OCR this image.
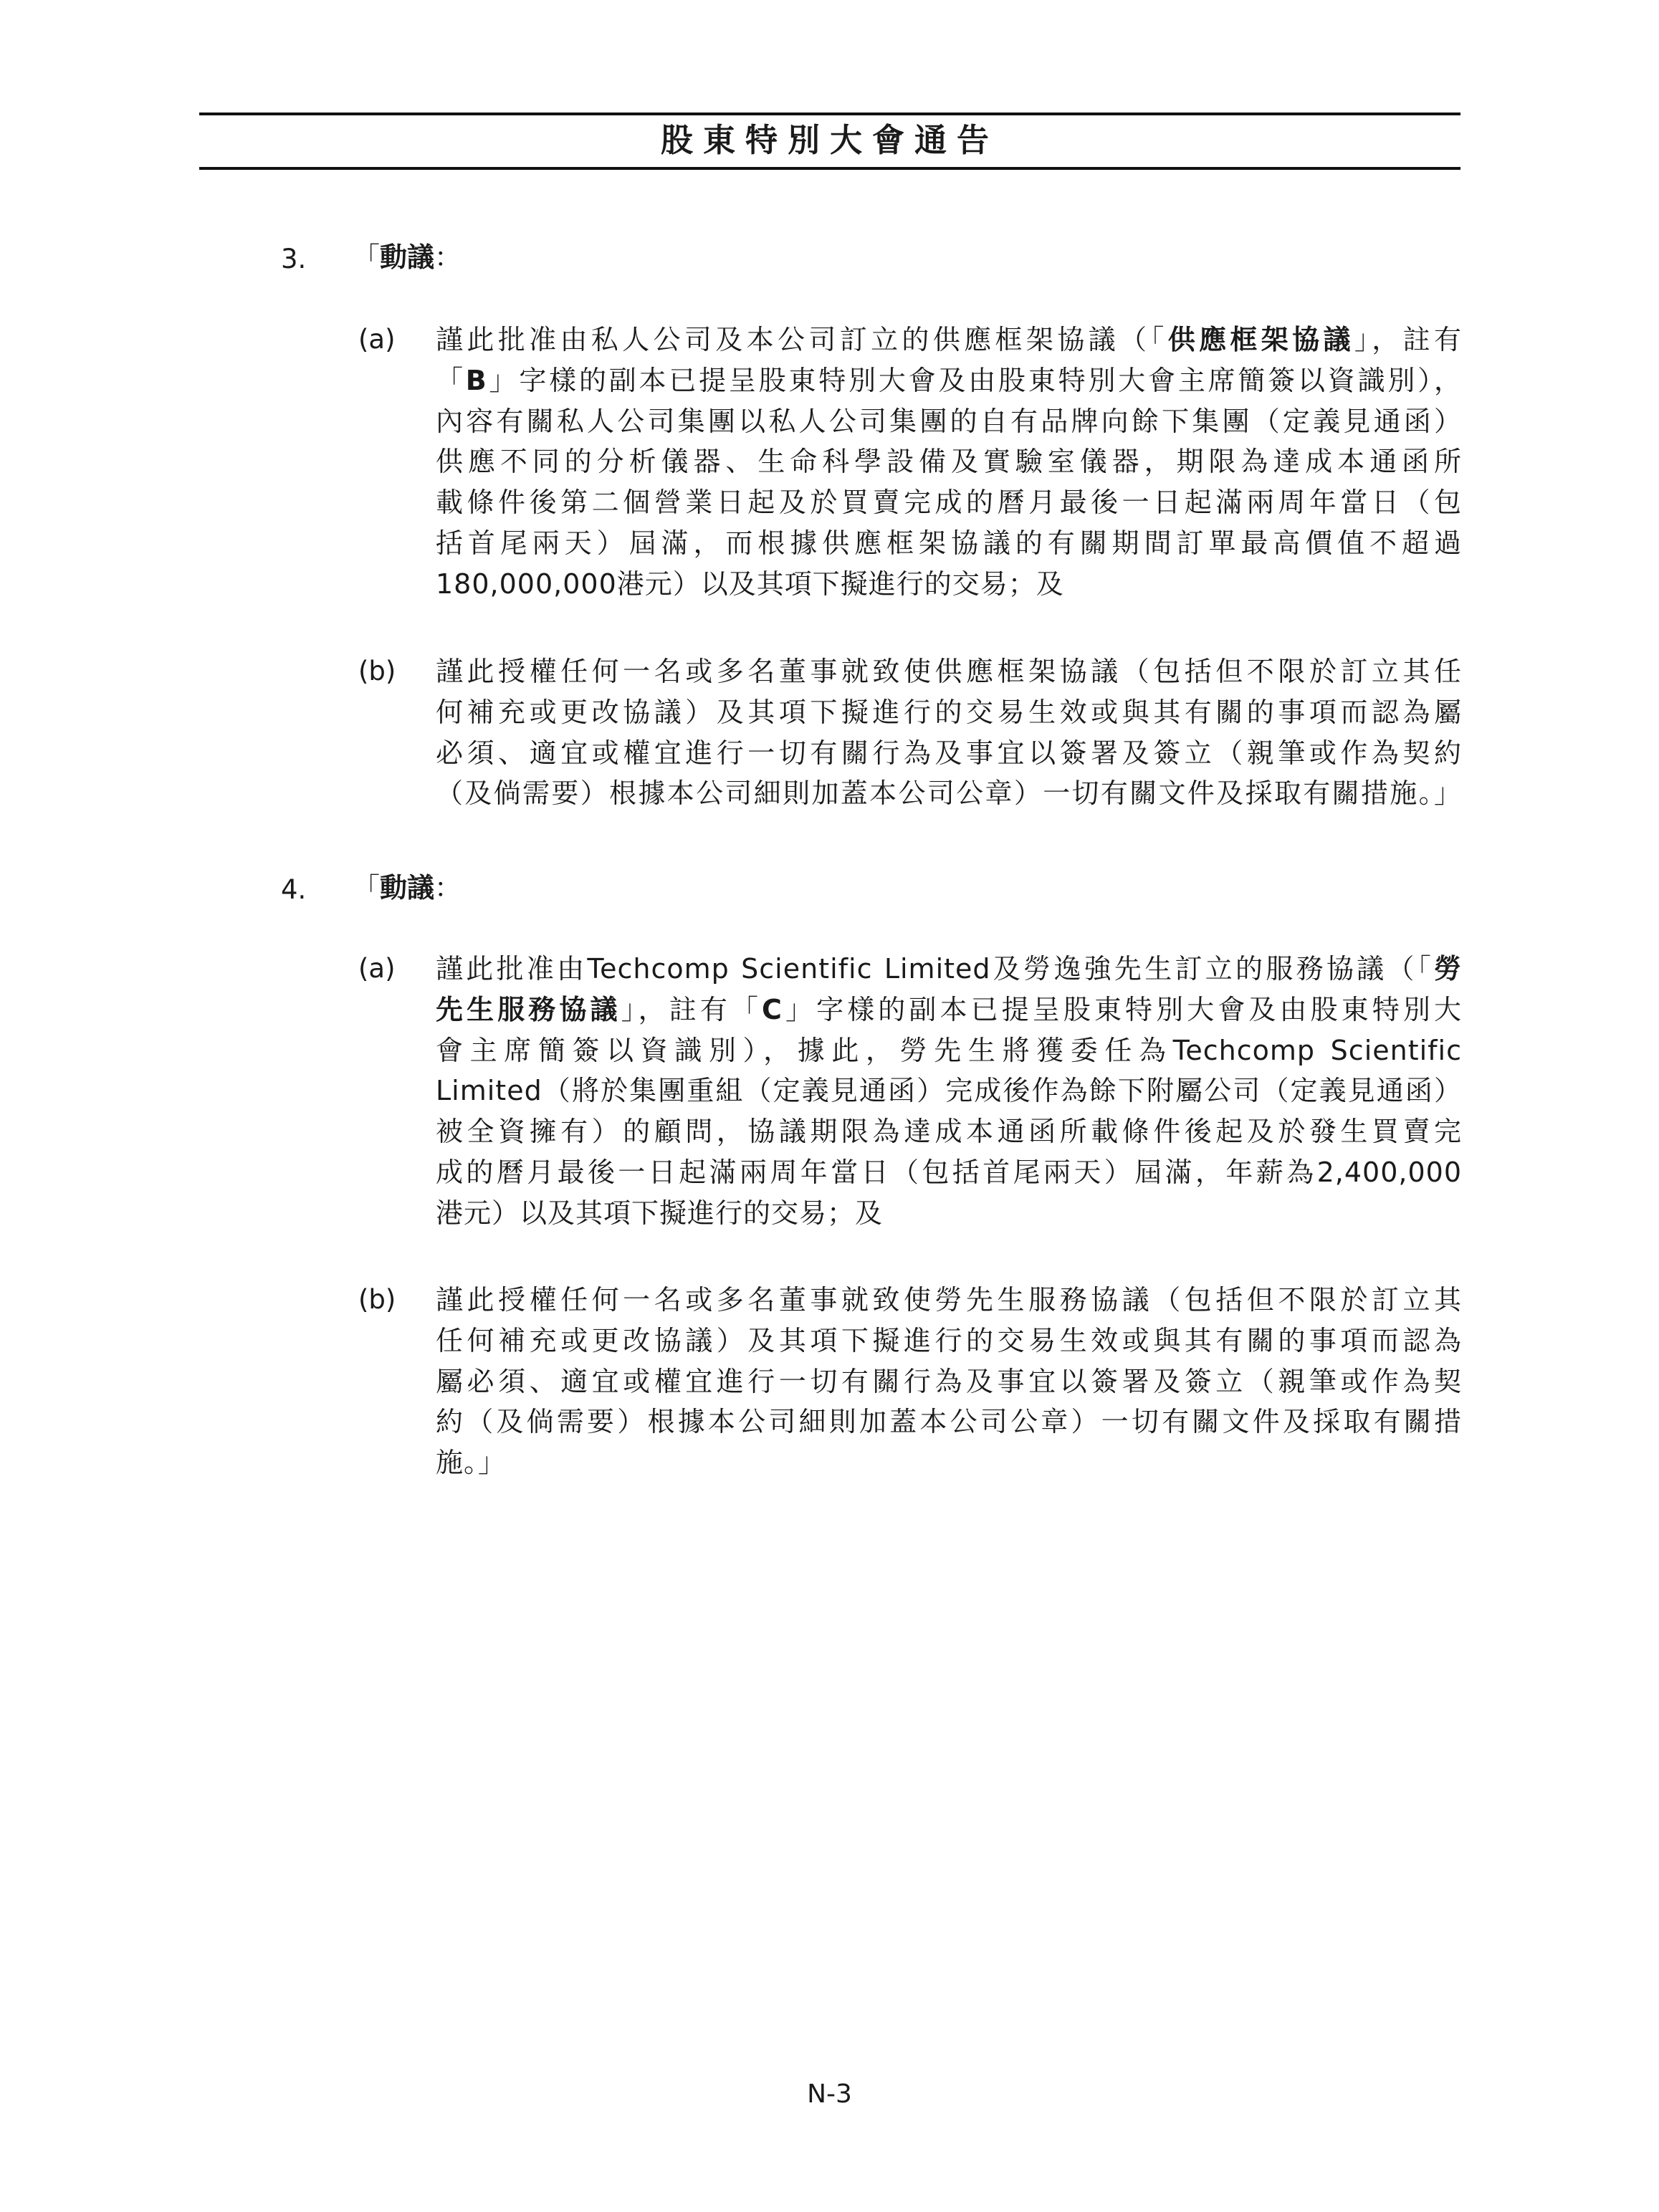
股東特別大會通告
3. 「動議：
(a) 謹此批准由私人公司及本公司訂立的供應框架協議（「供應框架協議」，註有
「B」字樣的副本已提呈股東特別大會及由股東特別大會主席簡簽以資識別），
內容有關私人公司集團以私人公司集團的自有品牌向餘下集團（定義見通函）
供應不同的分析儀器、生命科學設備及實驗室儀器，期限為達成本通函所
載條件後第二個營業日起及於買賣完成的曆月最後一日起滿兩周年當日（包
括首尾兩天）屆滿，而根據供應框架協議的有關期間訂單最高價值不超過
180,000,000港元）以及其項下擬進行的交易；及
(b) 謹此授權任何一名或多名董事就致使供應框架協議（包括但不限於訂立其任
何補充或更改協議）及其項下擬進行的交易生效或與其有關的事項而認為屬
必須、適宜或權宜進行一切有關行為及事宜以簽署及簽立（親筆或作為契約
（及倘需要）根據本公司細則加蓋本公司公章）一切有關文件及採取有關措施。」
4. 「動議：
(a) 謹此批准由Techcomp Scientific Limited及勞逸強先生訂立的服務協議（「勞
先生服務協議」，註有「C」字樣的副本已提呈股東特別大會及由股東特別大
會主席簡簽以資識別），據此，勞先生將獲委任為Techcomp Scientific
Limited（將於集團重組（定義見通函）完成後作為餘下附屬公司（定義見通函）
被全資擁有）的顧問，協議期限為達成本通函所載條件後起及於發生買賣完
成的曆月最後一日起滿兩周年當日（包括首尾兩天）屆滿，年薪為2,400,000
港元）以及其項下擬進行的交易；及
(b) 謹此授權任何一名或多名董事就致使勞先生服務協議（包括但不限於訂立其
任何補充或更改協議）及其項下擬進行的交易生效或與其有關的事項而認為
屬必須、適宜或權宜進行一切有關行為及事宜以簽署及簽立（親筆或作為契
約（及倘需要）根據本公司細則加蓋本公司公章）一切有關文件及採取有關措
施。」
N-3
